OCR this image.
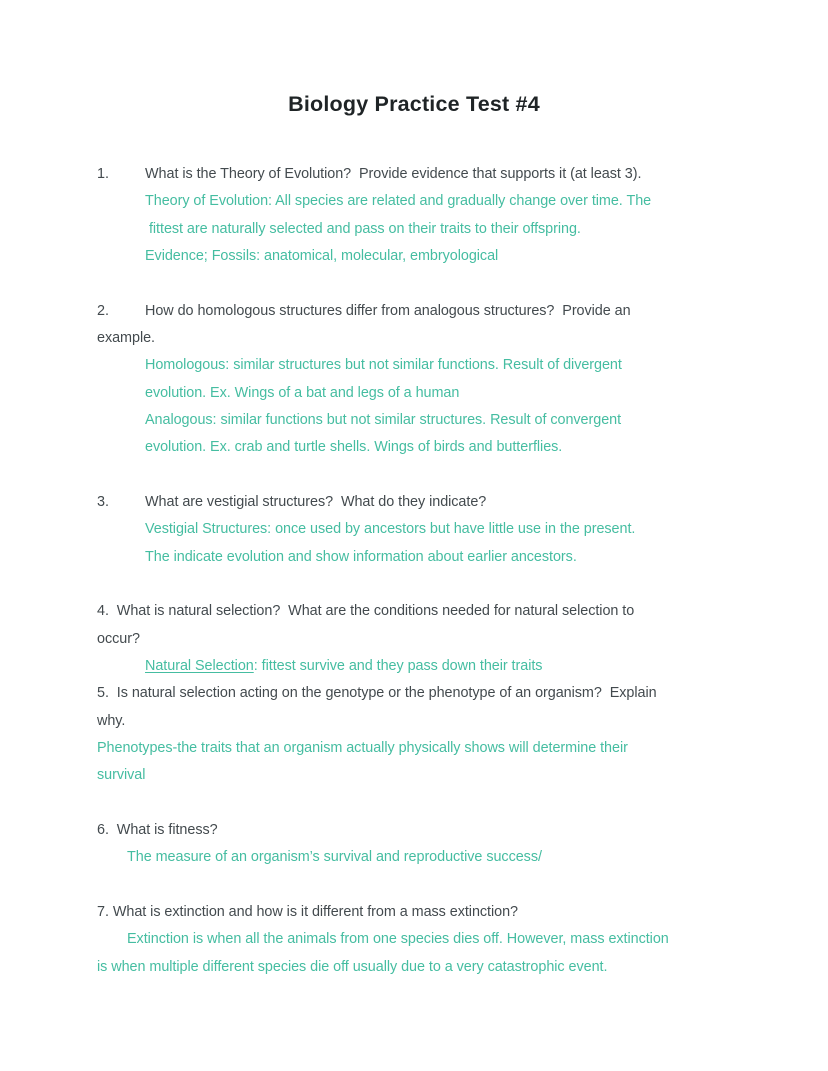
Biology Practice Test #4
1.	What is the Theory of Evolution?  Provide evidence that supports it (at least 3).
Theory of Evolution: All species are related and gradually change over time. The
fittest are naturally selected and pass on their traits to their offspring.
Evidence; Fossils: anatomical, molecular, embryological
2.	How do homologous structures differ from analogous structures?  Provide an
example.
Homologous: similar structures but not similar functions. Result of divergent
evolution. Ex. Wings of a bat and legs of a human
Analogous: similar functions but not similar structures. Result of convergent
evolution. Ex. crab and turtle shells. Wings of birds and butterflies.
3.	What are vestigial structures?  What do they indicate?
Vestigial Structures: once used by ancestors but have little use in the present.
The indicate evolution and show information about earlier ancestors.
4.  What is natural selection?  What are the conditions needed for natural selection to
occur?
Natural Selection: fittest survive and they pass down their traits
5.  Is natural selection acting on the genotype or the phenotype of an organism?  Explain
why.
Phenotypes-the traits that an organism actually physically shows will determine their
survival
6.  What is fitness?
The measure of an organism’s survival and reproductive success/
7. What is extinction and how is it different from a mass extinction?
Extinction is when all the animals from one species dies off. However, mass extinction
is when multiple different species die off usually due to a very catastrophic event.
